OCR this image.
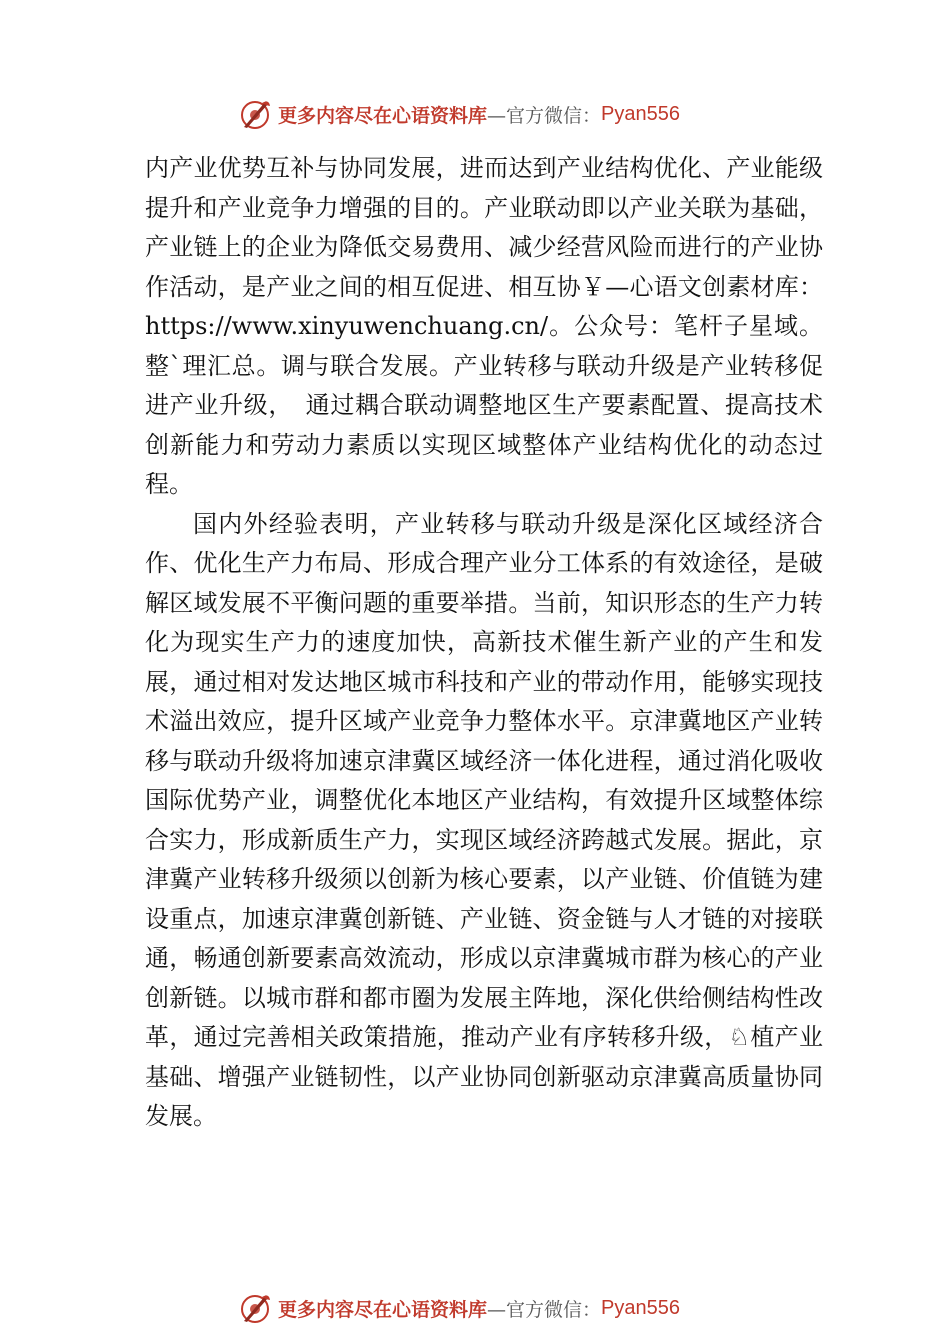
更多内容尽在心语资料库 —官方微信： Pyan556

内产业优势互补与协同发展，进而达到产业结构优化、产业能级提升和产业竞争力增强的目的。产业联动即以产业关联为基础，产业链上的企业为降低交易费用、减少经营风险而进行的产业协作活动，是产业之间的相互促进、相互协￥—心语文创素材库：https://www.xinyuwenchuang.cn/。公众号：笔杆子星域。整`理汇总。调与联合发展。产业转移与联动升级是产业转移促进产业升级，　通过耦合联动调整地区生产要素配置、提高技术创新能力和劳动力素质以实现区域整体产业结构优化的动态过程。

国内外经验表明，产业转移与联动升级是深化区域经济合作、优化生产力布局、形成合理产业分工体系的有效途径，是破解区域发展不平衡问题的重要举措。当前，知识形态的生产力转化为现实生产力的速度加快，高新技术催生新产业的产生和发展，通过相对发达地区城市科技和产业的带动作用，能够实现技术溢出效应，提升区域产业竞争力整体水平。京津冀地区产业转移与联动升级将加速京津冀区域经济一体化进程，通过消化吸收国际优势产业，调整优化本地区产业结构，有效提升区域整体综合实力，形成新质生产力，实现区域经济跨越式发展。据此，京津冀产业转移升级须以创新为核心要素，以产业链、价值链为建设重点，加速京津冀创新链、产业链、资金链与人才链的对接联通，畅通创新要素高效流动，形成以京津冀城市群为核心的产业创新链。以城市群和都市圈为发展主阵地，深化供给侧结构性改革，通过完善相关政策措施，推动产业有序转移升级，♘植产业基础、增强产业链韧性，以产业协同创新驱动京津冀高质量协同发展。

更多内容尽在心语资料库 —官方微信： Pyan556
